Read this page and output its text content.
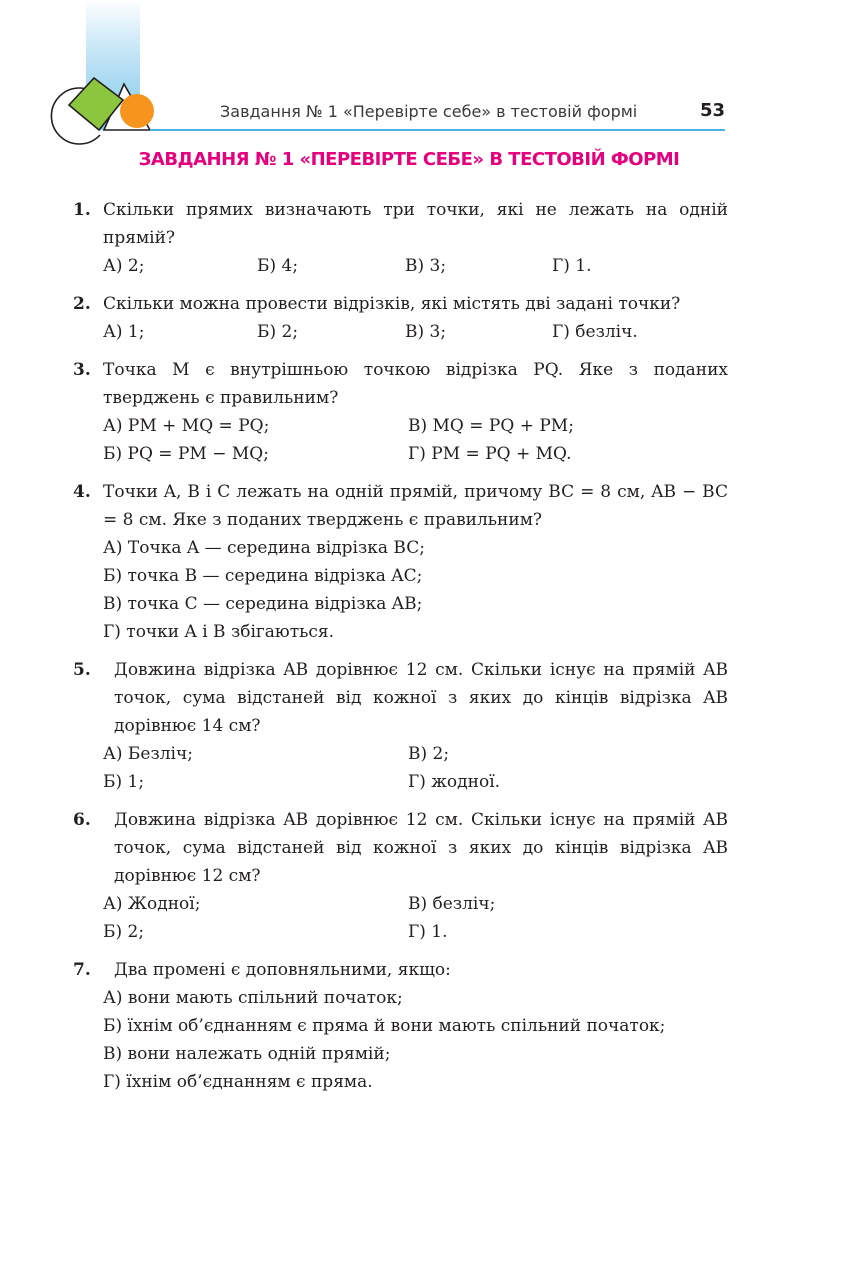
Завдання № 1 «Перевірте себе» в тестовій формі	53
ЗАВДАННЯ № 1 «ПЕРЕВІРТЕ СЕБЕ» В ТЕСТОВІЙ ФОРМІ
1. Скільки прямих визначають три точки, які не лежать на одній прямій?
А) 2;	Б) 4;	В) 3;	Г) 1.
2. Скільки можна провести відрізків, які містять дві задані точки?
А) 1;	Б) 2;	В) 3;	Г) безліч.
3. Точка M є внутрішньою точкою відрізка PQ. Яке з поданих тверджень є правильним?
А) PM + MQ = PQ;	В) MQ = PQ + PM;
Б) PQ = PM − MQ;	Г) PM = PQ + MQ.
4. Точки A, B і C лежать на одній прямій, причому BC = 8 см, AB − BC = 8 см. Яке з поданих тверджень є правильним?
А) Точка A — середина відрізка BC;
Б) точка B — середина відрізка AC;
В) точка C — середина відрізка AB;
Г) точки A і B збігаються.
5.	Довжина відрізка AB дорівнює 12 см. Скільки існує на прямій AB точок, сума відстаней від кожної з яких до кінців відрізка AB дорівнює 14 см?
А) Безліч;	В) 2;
Б) 1;	Г) жодної.
6.	Довжина відрізка AB дорівнює 12 см. Скільки існує на прямій AB точок, сума відстаней від кожної з яких до кінців відрізка AB дорівнює 12 см?
А) Жодної;	В) безліч;
Б) 2;	Г) 1.
7.	Два промені є доповняльними, якщо:
А) вони мають спільний початок;
Б) їхнім об’єднанням є пряма й вони мають спільний початок;
В) вони належать одній прямій;
Г) їхнім об’єднанням є пряма.
